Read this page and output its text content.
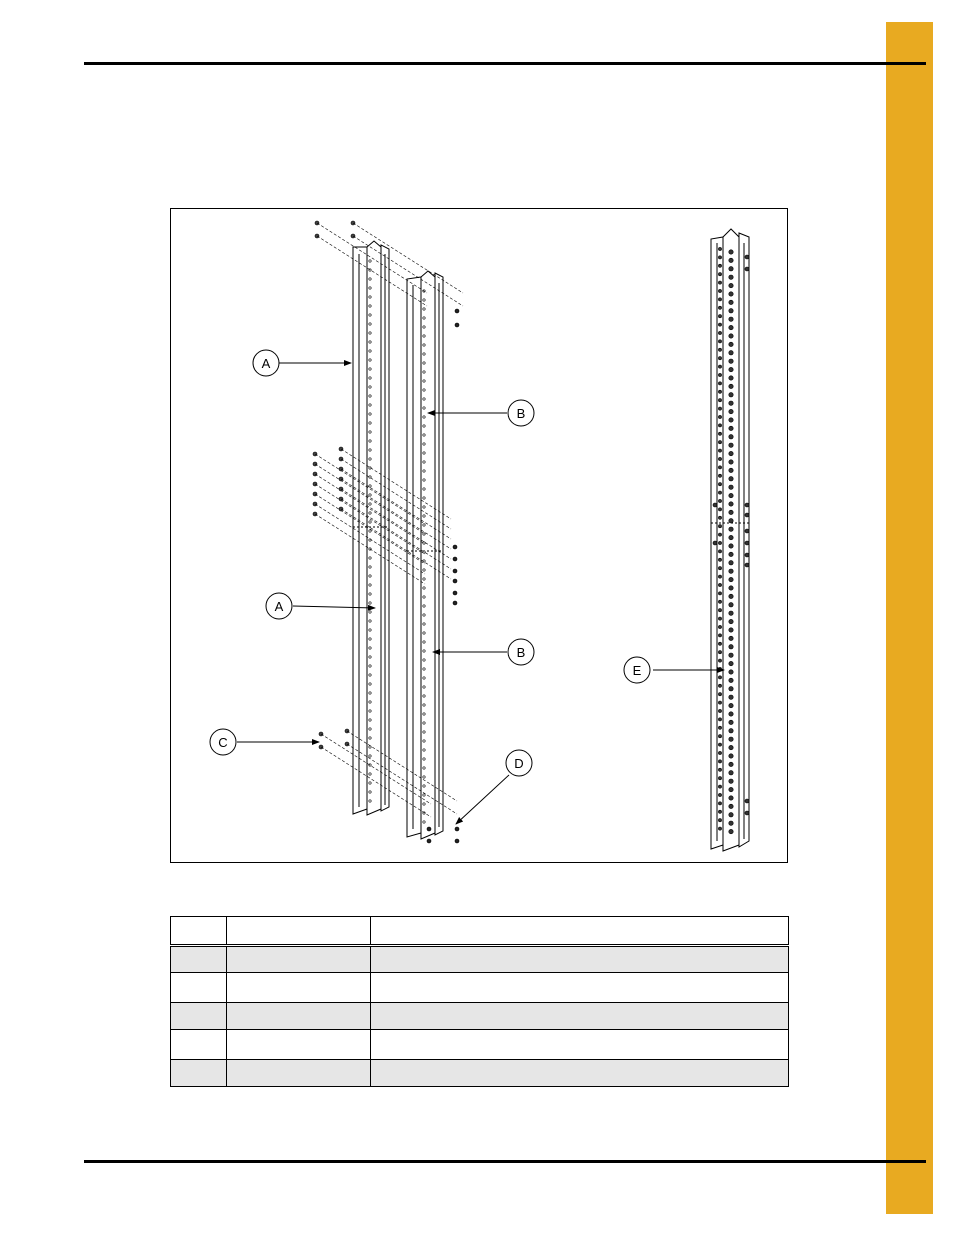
A
B
A
B
C
D
E
